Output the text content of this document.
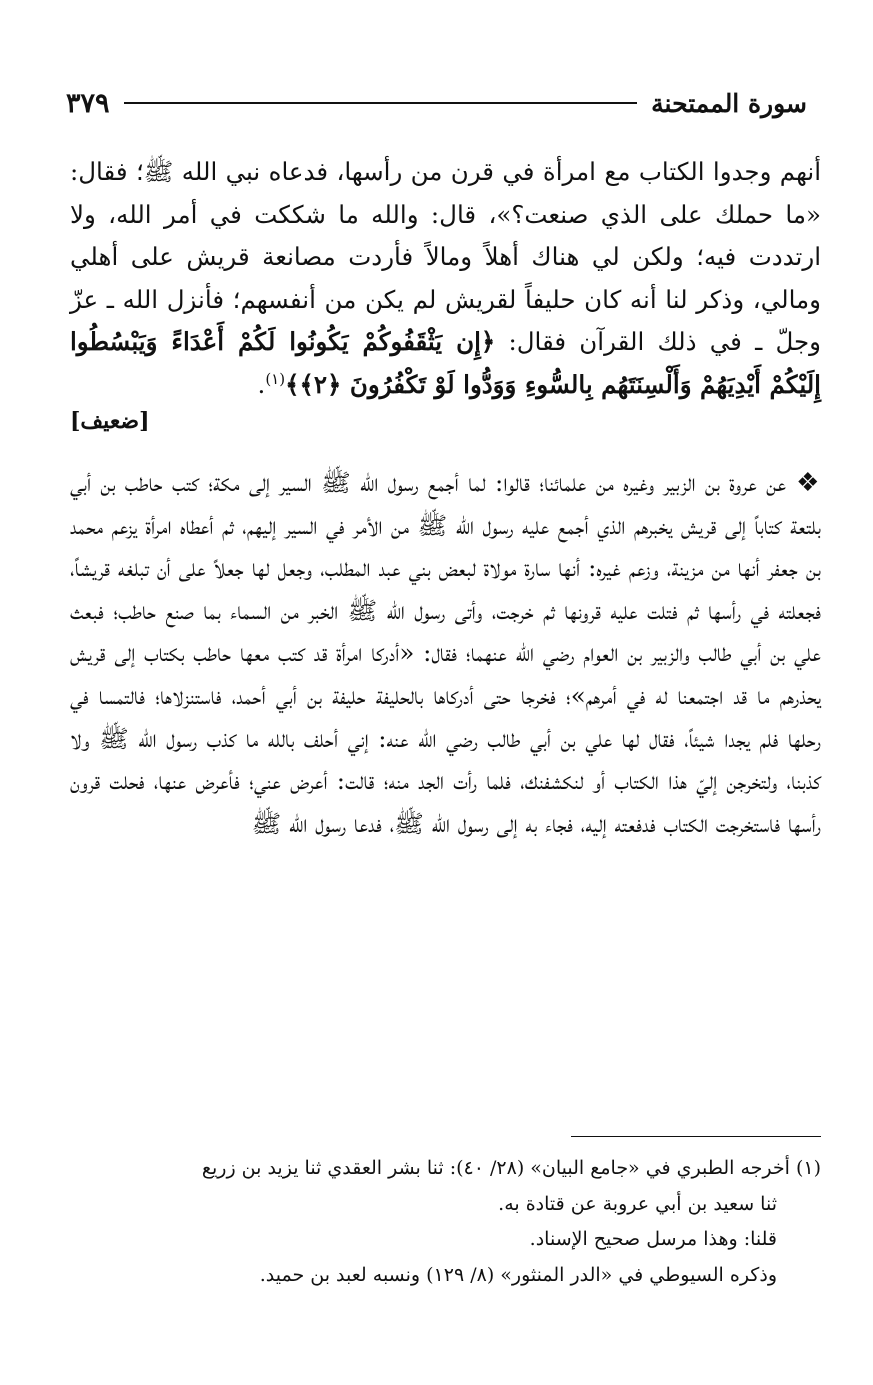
سورة الممتحنة
٣٧٩
أنهم وجدوا الكتاب مع امرأة في قرن من رأسها، فدعاه نبي الله ﷺ؛ فقال: «ما حملك على الذي صنعت؟»، قال: والله ما شككت في أمر الله، ولا ارتددت فيه؛ ولكن لي هناك أهلاً ومالاً فأردت مصانعة قريش على أهلي ومالي، وذكر لنا أنه كان حليفاً لقريش لم يكن من أنفسهم؛ فأنزل الله ـ عزّ وجلّ ـ في ذلك القرآن فقال: ﴿إِن يَثْقَفُوكُمْ يَكُونُوا لَكُمْ أَعْدَاءً وَيَبْسُطُوا إِلَيْكُمْ أَيْدِيَهُمْ وَأَلْسِنَتَهُم بِالسُّوءِ وَوَدُّوا لَوْ تَكْفُرُونَ ﴿٢﴾﴾$^{(١)}$.
[ضعيف]
❖عن عروة بن الزبير وغيره من علمائنا؛ قالوا: لما أجمع رسول الله ﷺ السير إلى مكة؛ كتب حاطب بن أبي بلتعة كتاباً إلى قريش يخبرهم الذي أجمع عليه رسول الله ﷺ من الأمر في السير إليهم، ثم أعطاه امرأة يزعم محمد بن جعفر أنها من مزينة، وزعم غيره: أنها سارة مولاة لبعض بني عبد المطلب، وجعل لها جعلاً على أن تبلغه قريشاً، فجعلته في رأسها ثم فتلت عليه قرونها ثم خرجت، وأتى رسول الله ﷺ الخبر من السماء بما صنع حاطب؛ فبعث علي بن أبي طالب والزبير بن العوام رضي الله عنهما؛ فقال: «أدركا امرأة قد كتب معها حاطب بكتاب إلى قريش يحذرهم ما قد اجتمعنا له في أمرهم»؛ فخرجا حتى أدركاها بالحليفة حليفة بن أبي أحمد، فاستنزلاها؛ فالتمسا في رحلها فلم يجدا شيئاً، فقال لها علي بن أبي طالب رضي الله عنه: إني أحلف بالله ما كذب رسول الله ﷺ ولا كذبنا، ولتخرجن إليّ هذا الكتاب أو لنكشفنك، فلما رأت الجد منه؛ قالت: أعرض عني؛ فأعرض عنها، فحلت قرون رأسها فاستخرجت الكتاب فدفعته إليه، فجاء به إلى رسول الله ﷺ، فدعا رسول الله ﷺ
(١) أخرجه الطبري في «جامع البيان» (٢٨/ ٤٠): ثنا بشر العقدي ثنا يزيد بن زريع
ثنا سعيد بن أبي عروبة عن قتادة به.
قلنا: وهذا مرسل صحيح الإسناد.
وذكره السيوطي في «الدر المنثور» (٨/ ١٢٩) ونسبه لعبد بن حميد.
